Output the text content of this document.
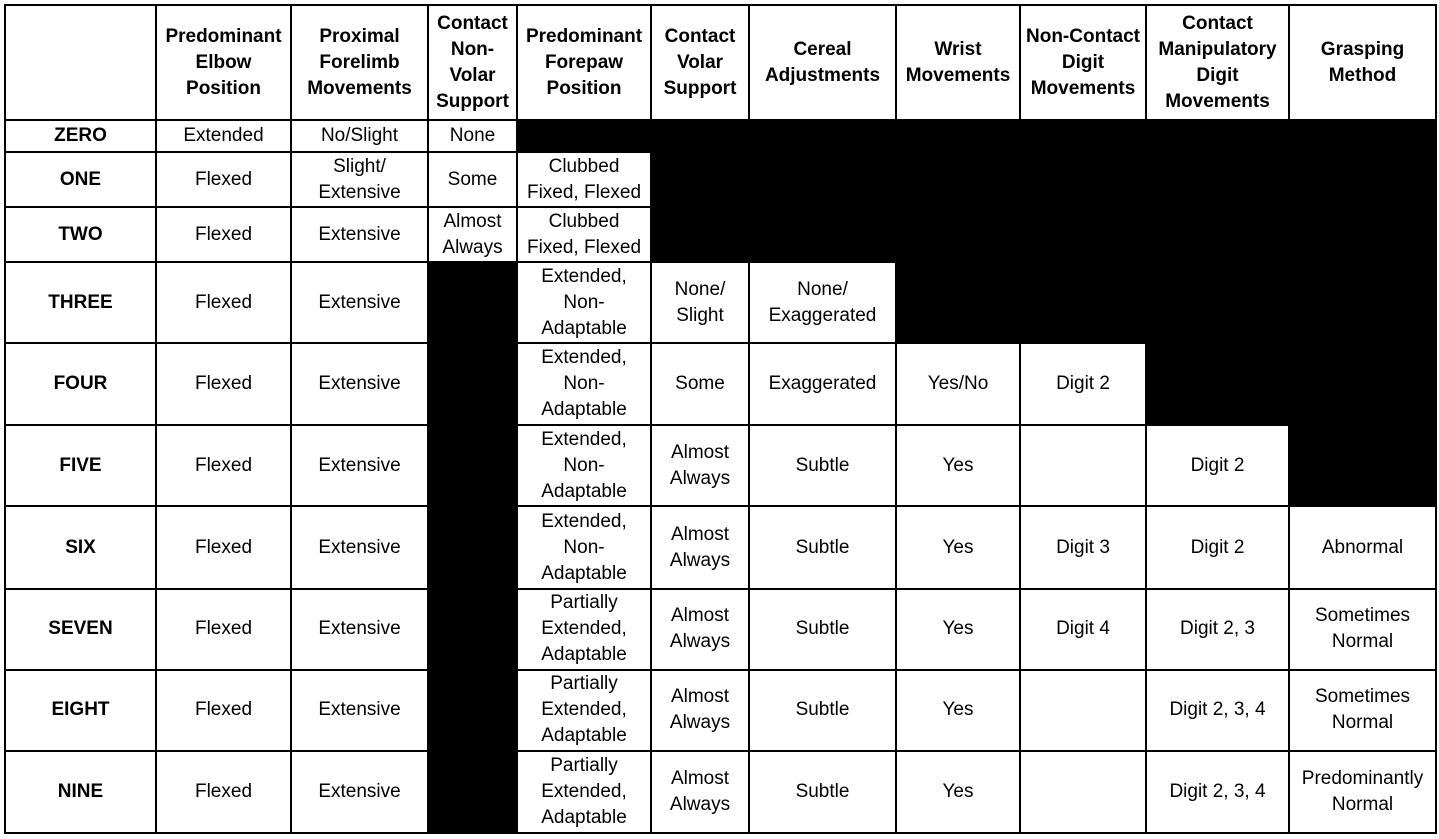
	Predominant
Elbow
Position	Proximal
Forelimb
Movements	Contact
Non-
Volar
Support	Predominant
Forepaw
Position	Contact
Volar
Support	Cereal
Adjustments	Wrist
Movements	Non-Contact
Digit
Movements	Contact
Manipulatory
Digit
Movements	Grasping
Method

ZERO	Extended	No/Slight	None							

ONE	Flexed	Slight/
Extensive	Some	Clubbed
Fixed, Flexed						

TWO	Flexed	Extensive	Almost
Always	Clubbed
Fixed, Flexed						

THREE	Flexed	Extensive		Extended,
Non-
Adaptable	None/
Slight	None/
Exaggerated				

FOUR	Flexed	Extensive		Extended,
Non-
Adaptable	Some	Exaggerated	Yes/No	Digit 2		

FIVE	Flexed	Extensive		Extended,
Non-
Adaptable	Almost
Always	Subtle	Yes		Digit 2	

SIX	Flexed	Extensive		Extended,
Non-
Adaptable	Almost
Always	Subtle	Yes	Digit 3	Digit 2	Abnormal

SEVEN	Flexed	Extensive		Partially
Extended,
Adaptable	Almost
Always	Subtle	Yes	Digit 4	Digit 2, 3	Sometimes
Normal

EIGHT	Flexed	Extensive		Partially
Extended,
Adaptable	Almost
Always	Subtle	Yes		Digit 2, 3, 4	Sometimes
Normal

NINE	Flexed	Extensive		Partially
Extended,
Adaptable	Almost
Always	Subtle	Yes		Digit 2, 3, 4	Predominantly
Normal
